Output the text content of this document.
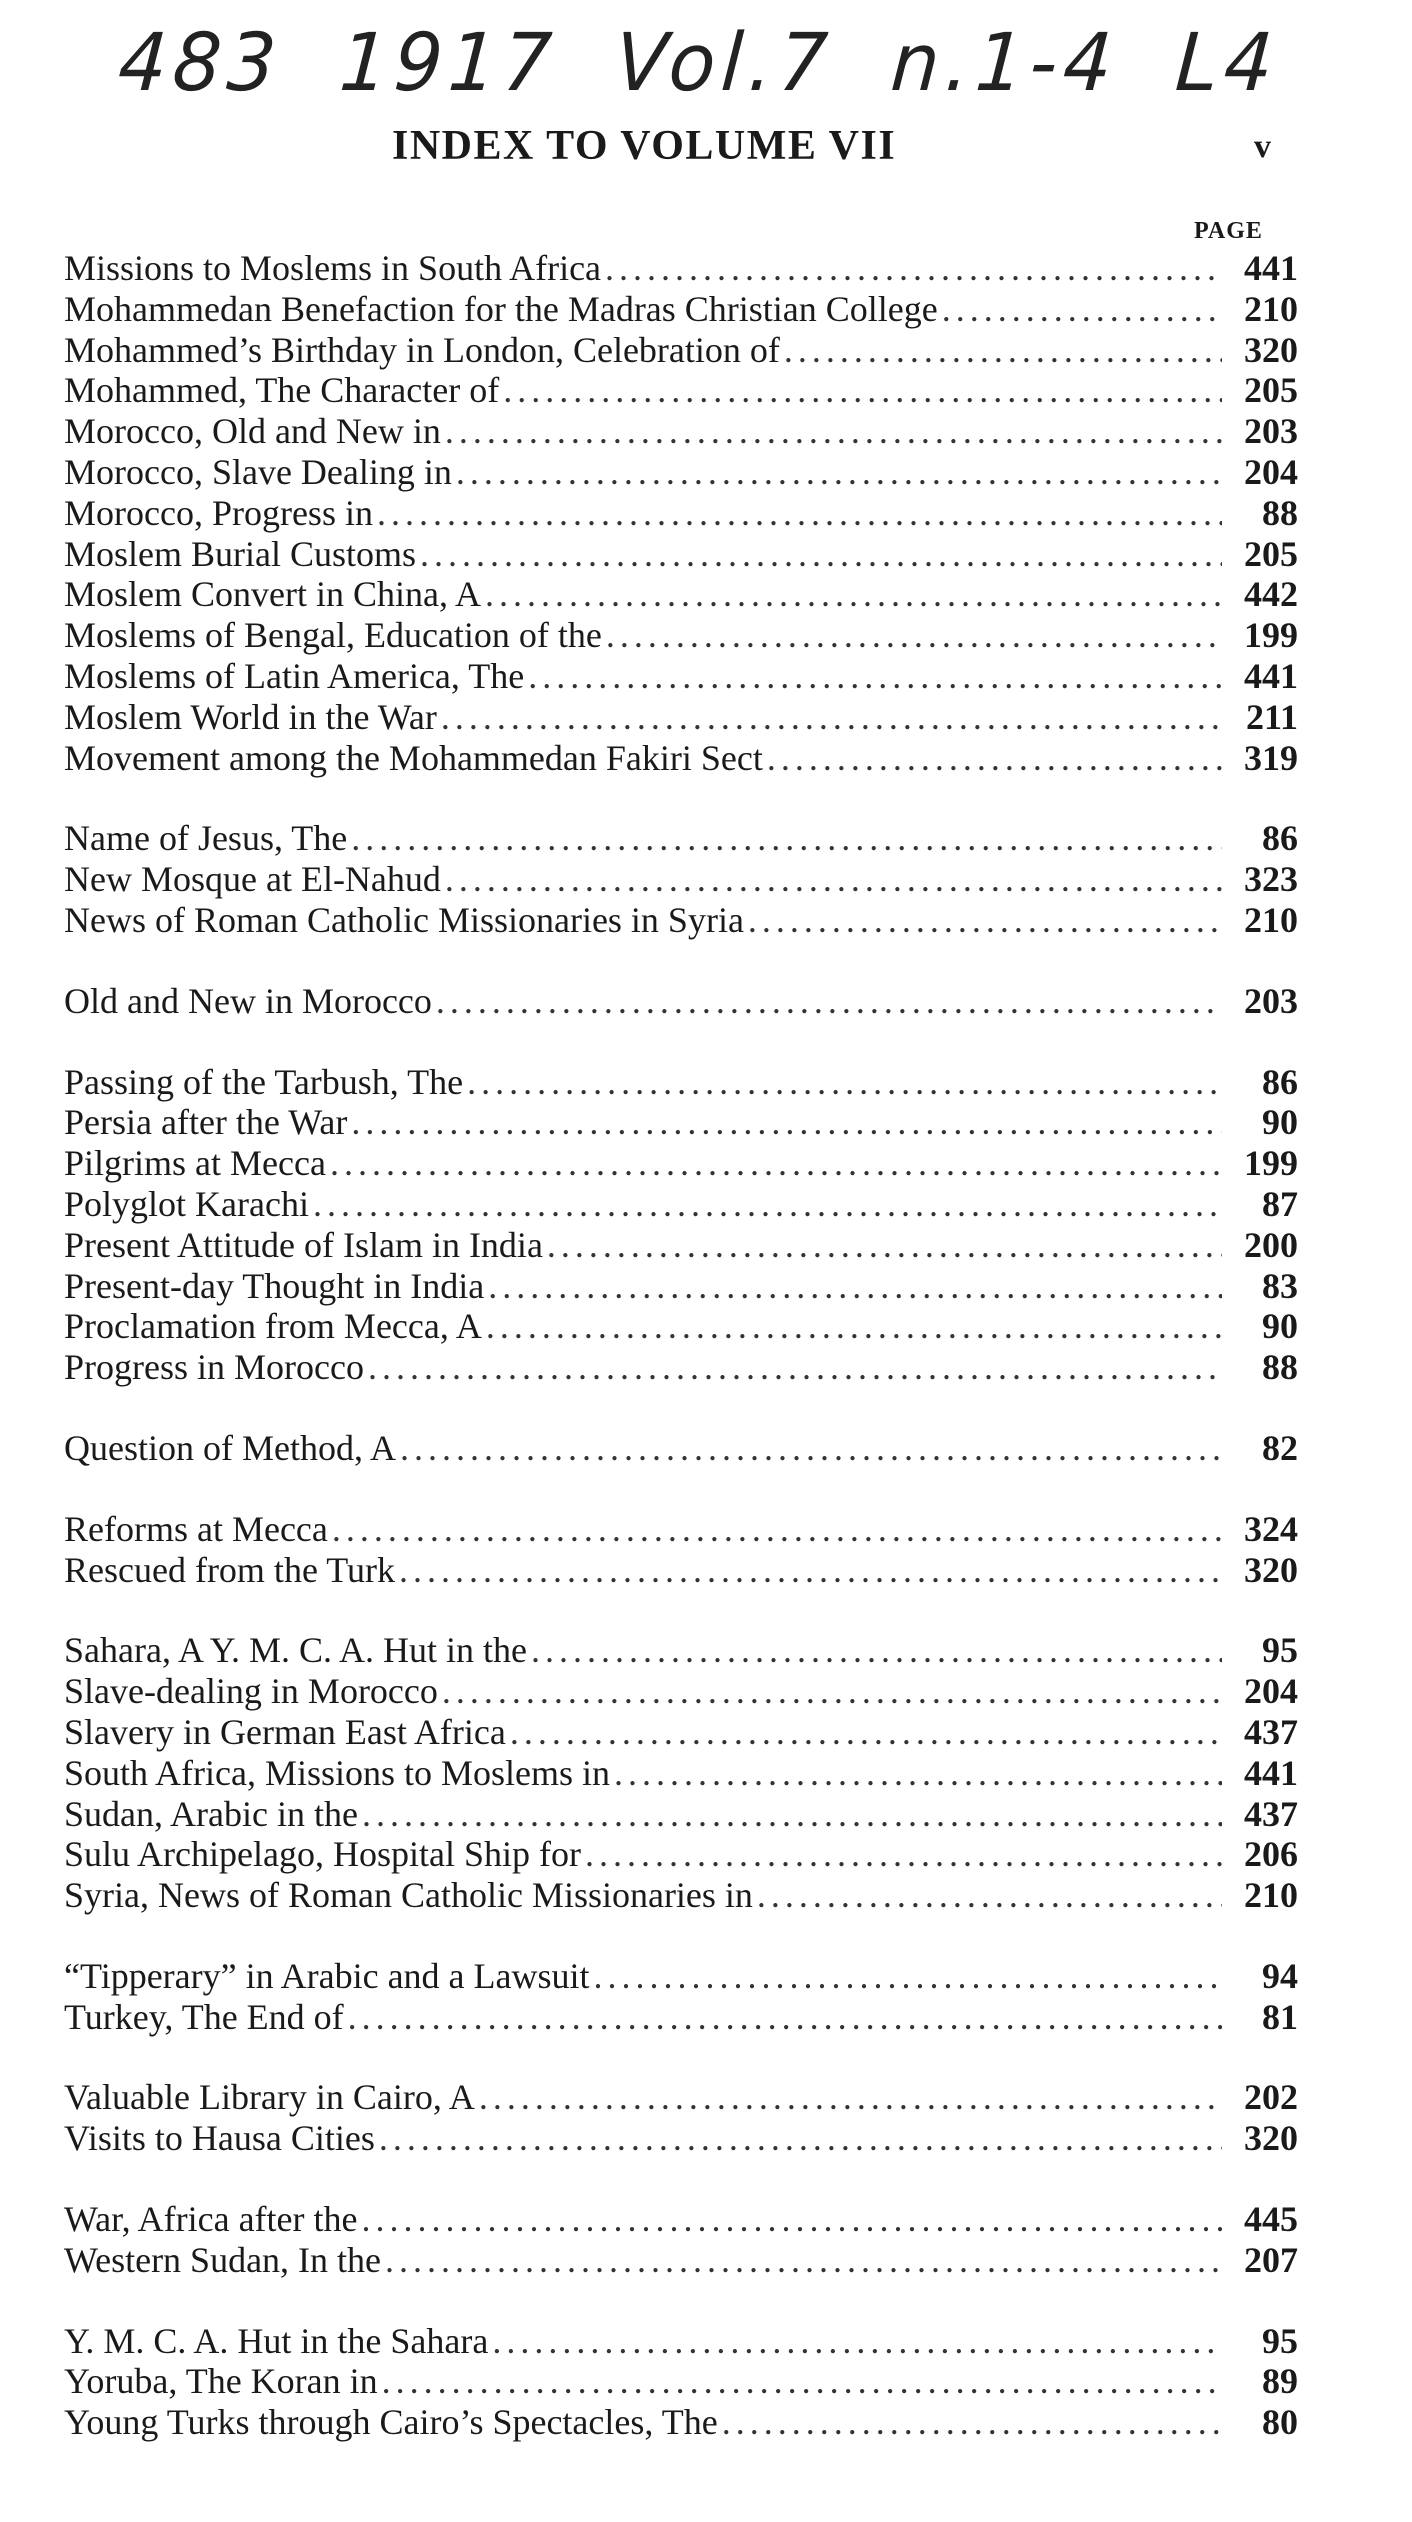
483 1917 Vol.7 n.1-4 L4
INDEX TO VOLUME VII	v
PAGE
Missions to Moslems in South Africa . . .	441
Mohammedan Benefaction for the Madras Christian College . . .	210
Mohammed’s Birthday in London, Celebration of . . .	320
Mohammed, The Character of . . .	205
Morocco, Old and New in . . .	203
Morocco, Slave Dealing in . . .	204
Morocco, Progress in . . .	88
Moslem Burial Customs . . .	205
Moslem Convert in China, A . . .	442
Moslems of Bengal, Education of the . . .	199
Moslems of Latin America, The . . .	441
Moslem World in the War . . .	211
Movement among the Mohammedan Fakiri Sect . . .	319
Name of Jesus, The . . .	86
New Mosque at El-Nahud . . .	323
News of Roman Catholic Missionaries in Syria . . .	210
Old and New in Morocco . . .	203
Passing of the Tarbush, The . . .	86
Persia after the War . . .	90
Pilgrims at Mecca . . .	199
Polyglot Karachi . . .	87
Present Attitude of Islam in India . . .	200
Present-day Thought in India . . .	83
Proclamation from Mecca, A . . .	90
Progress in Morocco . . .	88
Question of Method, A . . .	82
Reforms at Mecca . . .	324
Rescued from the Turk . . .	320
Sahara, A Y. M. C. A. Hut in the . . .	95
Slave-dealing in Morocco . . .	204
Slavery in German East Africa . . .	437
South Africa, Missions to Moslems in . . .	441
Sudan, Arabic in the . . .	437
Sulu Archipelago, Hospital Ship for . . .	206
Syria, News of Roman Catholic Missionaries in . . .	210
“Tipperary” in Arabic and a Lawsuit . . .	94
Turkey, The End of . . .	81
Valuable Library in Cairo, A . . .	202
Visits to Hausa Cities . . .	320
War, Africa after the . . .	445
Western Sudan, In the . . .	207
Y. M. C. A. Hut in the Sahara . . .	95
Yoruba, The Koran in . . .	89
Young Turks through Cairo’s Spectacles, The . . .	80
